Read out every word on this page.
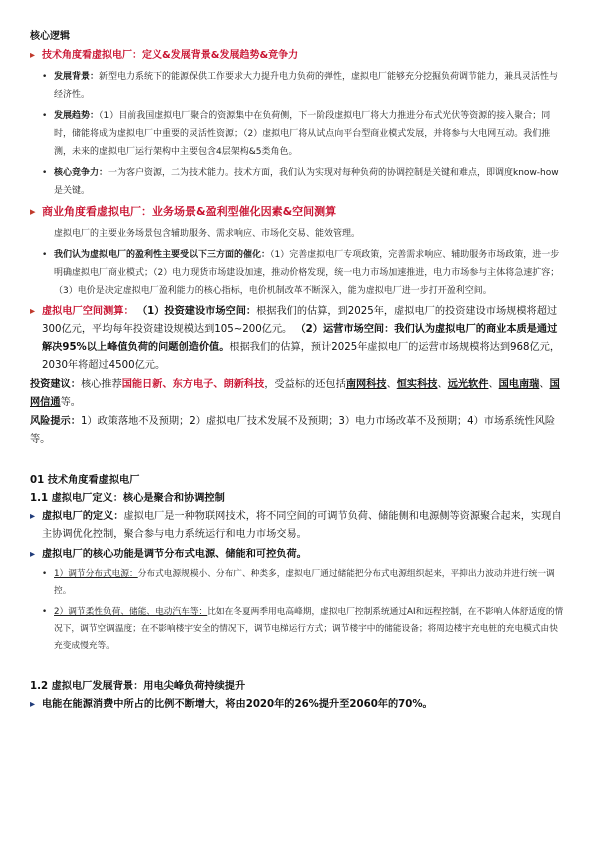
核心逻辑
▸ 技术角度看虚拟电厂：定义&发展背景&发展趋势&竞争力
• 发展背景：新型电力系统下的能源保供工作要求大力提升电力负荷的弹性，虚拟电厂能够充分挖掘负荷调节能力，兼具灵活性与经济性。
• 发展趋势：（1）目前我国虚拟电厂聚合的资源集中在负荷侧，下一阶段虚拟电厂将大力推进分布式光伏等资源的接入聚合；同时，储能将成为虚拟电厂中重要的灵活性资源；（2）虚拟电厂将从试点向平台型商业模式发展，并将参与大电网互动。我们推测，未来的虚拟电厂运行架构中主要包含4层架构&5类角色。
• 核心竞争力：一为客户资源，二为技术能力。技术方面，我们认为实现对每种负荷的协调控制是关键和难点，即调度know-how是关键。
▸ 商业角度看虚拟电厂：业务场景&盈利型催化因素&空间测算
虚拟电厂的主要业务场景包含辅助服务、需求响应、市场化交易、能效管理。
• 我们认为虚拟电厂的盈利性主要受以下三方面的催化：（1）完善虚拟电厂专项政策，完善需求响应、辅助服务市场政策，进一步明确虚拟电厂商业模式；（2）电力现货市场建设加速，推动价格发现，统一电力市场加速推进，电力市场参与主体将急速扩容；（3）电价是决定虚拟电厂盈利能力的核心指标，电价机制改革不断深入，能为虚拟电厂进一步打开盈利空间。
▸ 虚拟电厂空间测算： （1）投资建设市场空间：根据我们的估算，到2025年，虚拟电厂的投资建设市场规模将超过300亿元，平均每年投资建设规模达到105~200亿元。 （2）运营市场空间：我们认为虚拟电厂的商业本质是通过解决95%以上峰值负荷的问题创造价值。根据我们的估算，预计2025年虚拟电厂的运营市场规模将达到968亿元，2030年将超过4500亿元。
投资建议：核心推荐国能日新、东方电子、朗新科技，受益标的还包括南网科技、恒实科技、远光软件、国电南瑞、国网信通等。
风险提示：1）政策落地不及预期；2）虚拟电厂技术发展不及预期；3）电力市场改革不及预期；4）市场系统性风险等。
01 技术角度看虚拟电厂
1.1 虚拟电厂定义：核心是聚合和协调控制
▸ 虚拟电厂的定义：虚拟电厂是一种物联网技术，将不同空间的可调节负荷、储能侧和电源侧等资源聚合起来，实现自主协调优化控制，聚合参与电力系统运行和电力市场交易。
▸ 虚拟电厂的核心功能是调节分布式电源、储能和可控负荷。
• 1）调节分布式电源：分布式电源规模小、分布广、种类多，虚拟电厂通过储能把分布式电源组织起来，平抑出力波动并进行统一调控。
• 2）调节柔性负荷、储能、电动汽车等：比如在冬夏两季用电高峰期，虚拟电厂控制系统通过AI和远程控制，在不影响人体舒适度的情况下，调节空调温度；在不影响楼宇安全的情况下，调节电梯运行方式；调节楼宇中的储能设备；将周边楼宇充电桩的充电模式由快充变成慢充等。
1.2 虚拟电厂发展背景：用电尖峰负荷持续提升
▸ 电能在能源消费中所占的比例不断增大，将由2020年的26%提升至2060年的70%。
